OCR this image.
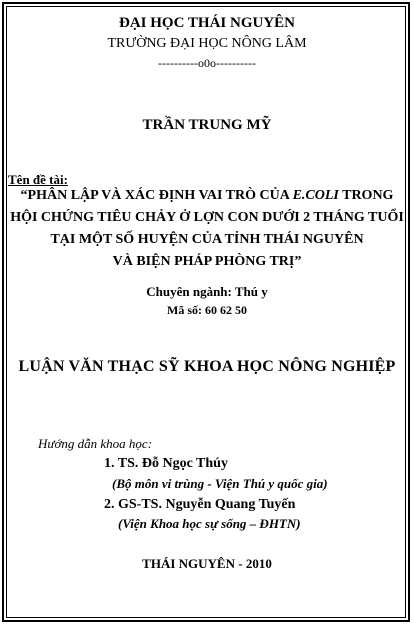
ĐẠI HỌC THÁI NGUYÊN
TRƯỜNG ĐẠI HỌC NÔNG LÂM
----------o0o----------
TRẦN TRUNG MỸ
Tên đề tài:
“PHÂN LẬP VÀ XÁC ĐỊNH VAI TRÒ CỦA E.COLI TRONG
HỘI CHỨNG TIÊU CHẢY Ở LỢN CON DƯỚI 2 THÁNG TUỔI
TẠI MỘT SỐ HUYỆN CỦA TỈNH THÁI NGUYÊN
VÀ BIỆN PHÁP PHÒNG TRỊ”
Chuyên ngành: Thú y
Mã số: 60 62 50
LUẬN VĂN THẠC SỸ KHOA HỌC NÔNG NGHIỆP
Hướng dẫn khoa học:
1. TS. Đỗ Ngọc Thúy
(Bộ môn vi trùng - Viện Thú y quốc gia)
2. GS-TS. Nguyễn Quang Tuyến
(Viện Khoa học sự sống – ĐHTN)
THÁI NGUYÊN - 2010
